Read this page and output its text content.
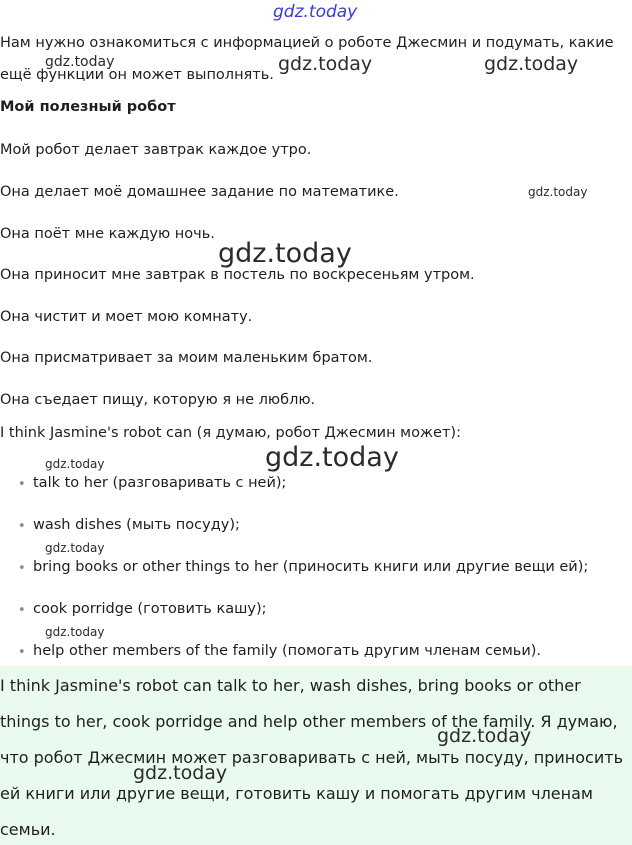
gdz.today
Нам нужно ознакомиться с информацией о роботе Джесмин и подумать, какие
ещё функции он может выполнять.
Мой полезный робот
Мой робот делает завтрак каждое утро.
Она делает моё домашнее задание по математике.
Она поёт мне каждую ночь.
Она приносит мне завтрак в постель по воскресеньям утром.
Она чистит и моет мою комнату.
Она присматривает за моим маленьким братом.
Она съедает пищу, которую я не люблю.
I think Jasmine's robot can (я думаю, робот Джесмин может):
• talk to her (разговаривать с ней);
• wash dishes (мыть посуду);
• bring books or other things to her (приносить книги или другие вещи ей);
• cook porridge (готовить кашу);
• help other members of the family (помогать другим членам семьи).
I think Jasmine's robot can talk to her, wash dishes, bring books or other
things to her, cook porridge and help other members of the family. Я думаю,
что робот Джесмин может разговаривать с ней, мыть посуду, приносить
ей книги или другие вещи, готовить кашу и помогать другим членам
семьи.
gdz.today	gdz.today	gdz.today
gdz.today
gdz.today
gdz.today
gdz.today
gdz.today
gdz.today
gdz.today
gdz.today
